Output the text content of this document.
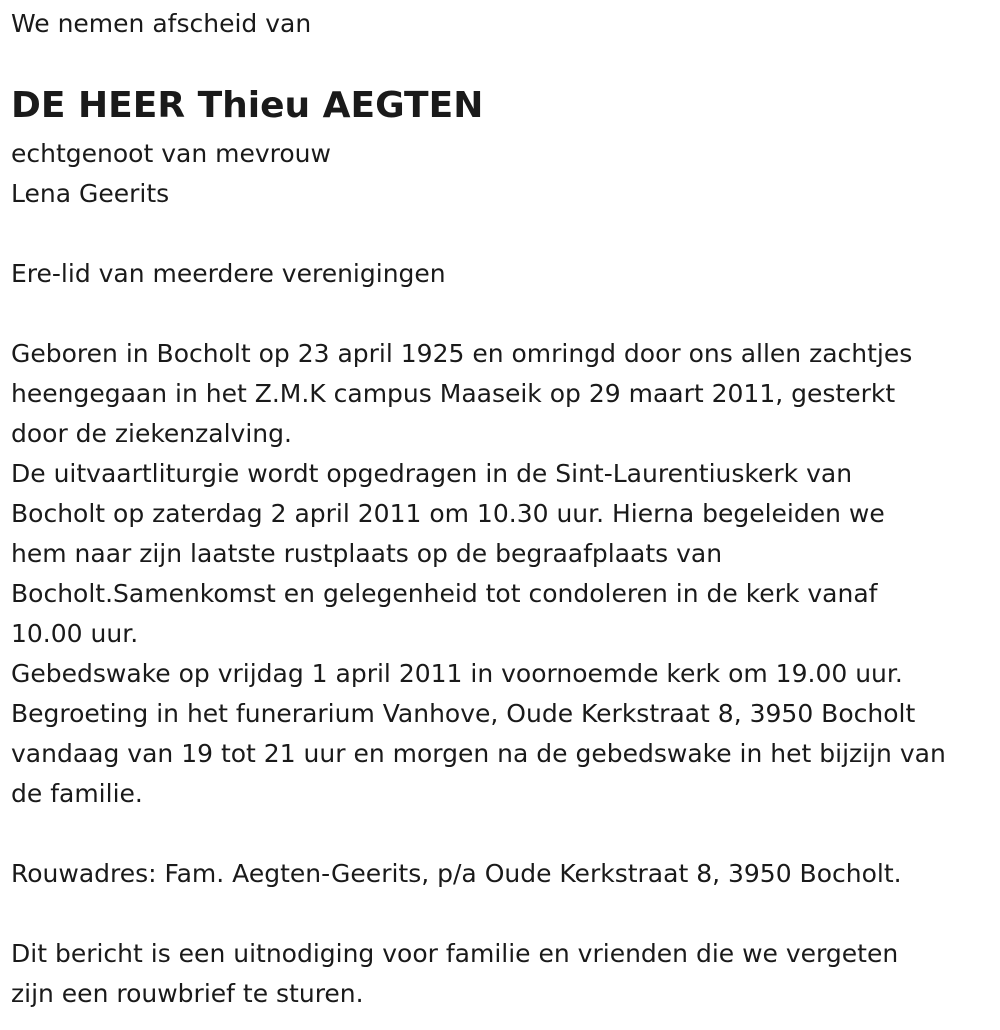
We nemen afscheid van

DE HEER Thieu AEGTEN

echtgenoot van mevrouw

Lena Geerits

Ere-lid van meerdere verenigingen

Geboren in Bocholt op 23 april 1925 en omringd door ons allen zachtjes

heengegaan in het Z.M.K campus Maaseik op 29 maart 2011, gesterkt

door de ziekenzalving.

De uitvaartliturgie wordt opgedragen in de Sint-Laurentiuskerk van

Bocholt op zaterdag 2 april 2011 om 10.30 uur. Hierna begeleiden we

hem naar zijn laatste rustplaats op de begraafplaats van

Bocholt.Samenkomst en gelegenheid tot condoleren in de kerk vanaf

10.00 uur.

Gebedswake op vrijdag 1 april 2011 in voornoemde kerk om 19.00 uur.

Begroeting in het funerarium Vanhove, Oude Kerkstraat 8, 3950 Bocholt

vandaag van 19 tot 21 uur en morgen na de gebedswake in het bijzijn van

de familie.

Rouwadres: Fam. Aegten-Geerits, p/a Oude Kerkstraat 8, 3950 Bocholt.

Dit bericht is een uitnodiging voor familie en vrienden die we vergeten

zijn een rouwbrief te sturen.
